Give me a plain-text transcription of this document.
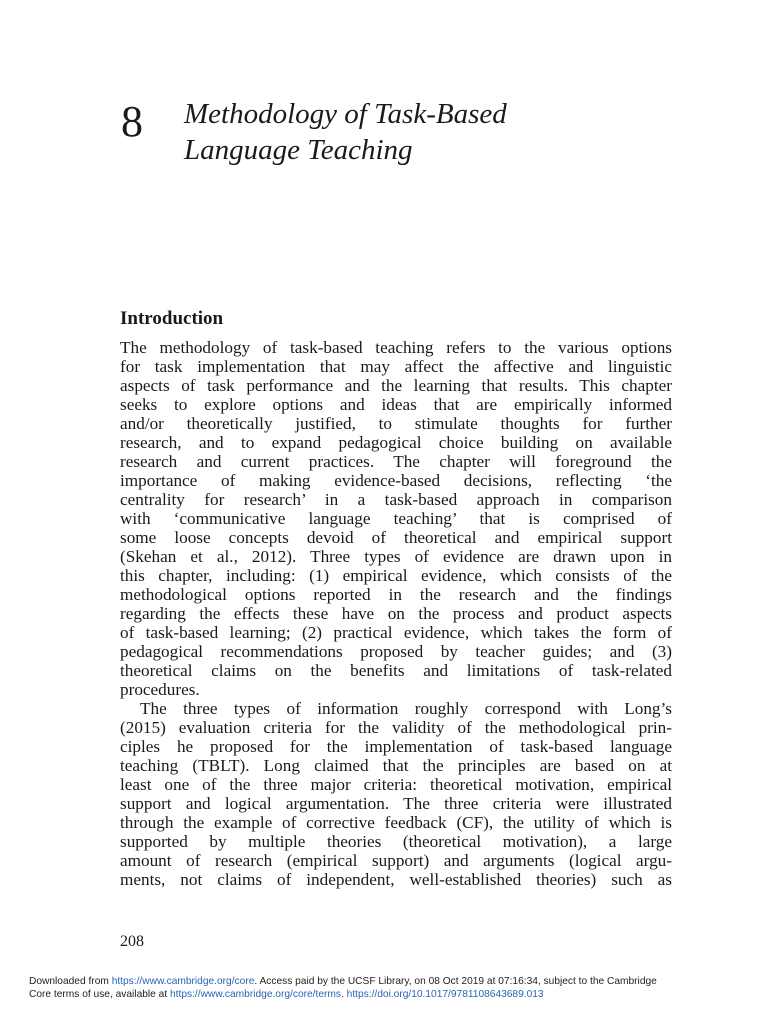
8 Methodology of Task-Based
Language Teaching
Introduction
The methodology of task-based teaching refers to the various options
for task implementation that may affect the affective and linguistic
aspects of task performance and the learning that results. This chapter
seeks to explore options and ideas that are empirically informed
and/or theoretically justified, to stimulate thoughts for further
research, and to expand pedagogical choice building on available
research and current practices. The chapter will foreground the
importance of making evidence-based decisions, reflecting ‘the
centrality for research’ in a task-based approach in comparison
with ‘communicative language teaching’ that is comprised of
some loose concepts devoid of theoretical and empirical support
(Skehan et al., 2012). Three types of evidence are drawn upon in
this chapter, including: (1) empirical evidence, which consists of the
methodological options reported in the research and the findings
regarding the effects these have on the process and product aspects
of task-based learning; (2) practical evidence, which takes the form of
pedagogical recommendations proposed by teacher guides; and (3)
theoretical claims on the benefits and limitations of task-related
procedures.
The three types of information roughly correspond with Long’s
(2015) evaluation criteria for the validity of the methodological prin-
ciples he proposed for the implementation of task-based language
teaching (TBLT). Long claimed that the principles are based on at
least one of the three major criteria: theoretical motivation, empirical
support and logical argumentation. The three criteria were illustrated
through the example of corrective feedback (CF), the utility of which is
supported by multiple theories (theoretical motivation), a large
amount of research (empirical support) and arguments (logical argu-
ments, not claims of independent, well-established theories) such as
208
Downloaded from https://www.cambridge.org/core. Access paid by the UCSF Library, on 08 Oct 2019 at 07:16:34, subject to the Cambridge
Core terms of use, available at https://www.cambridge.org/core/terms. https://doi.org/10.1017/9781108643689.013
